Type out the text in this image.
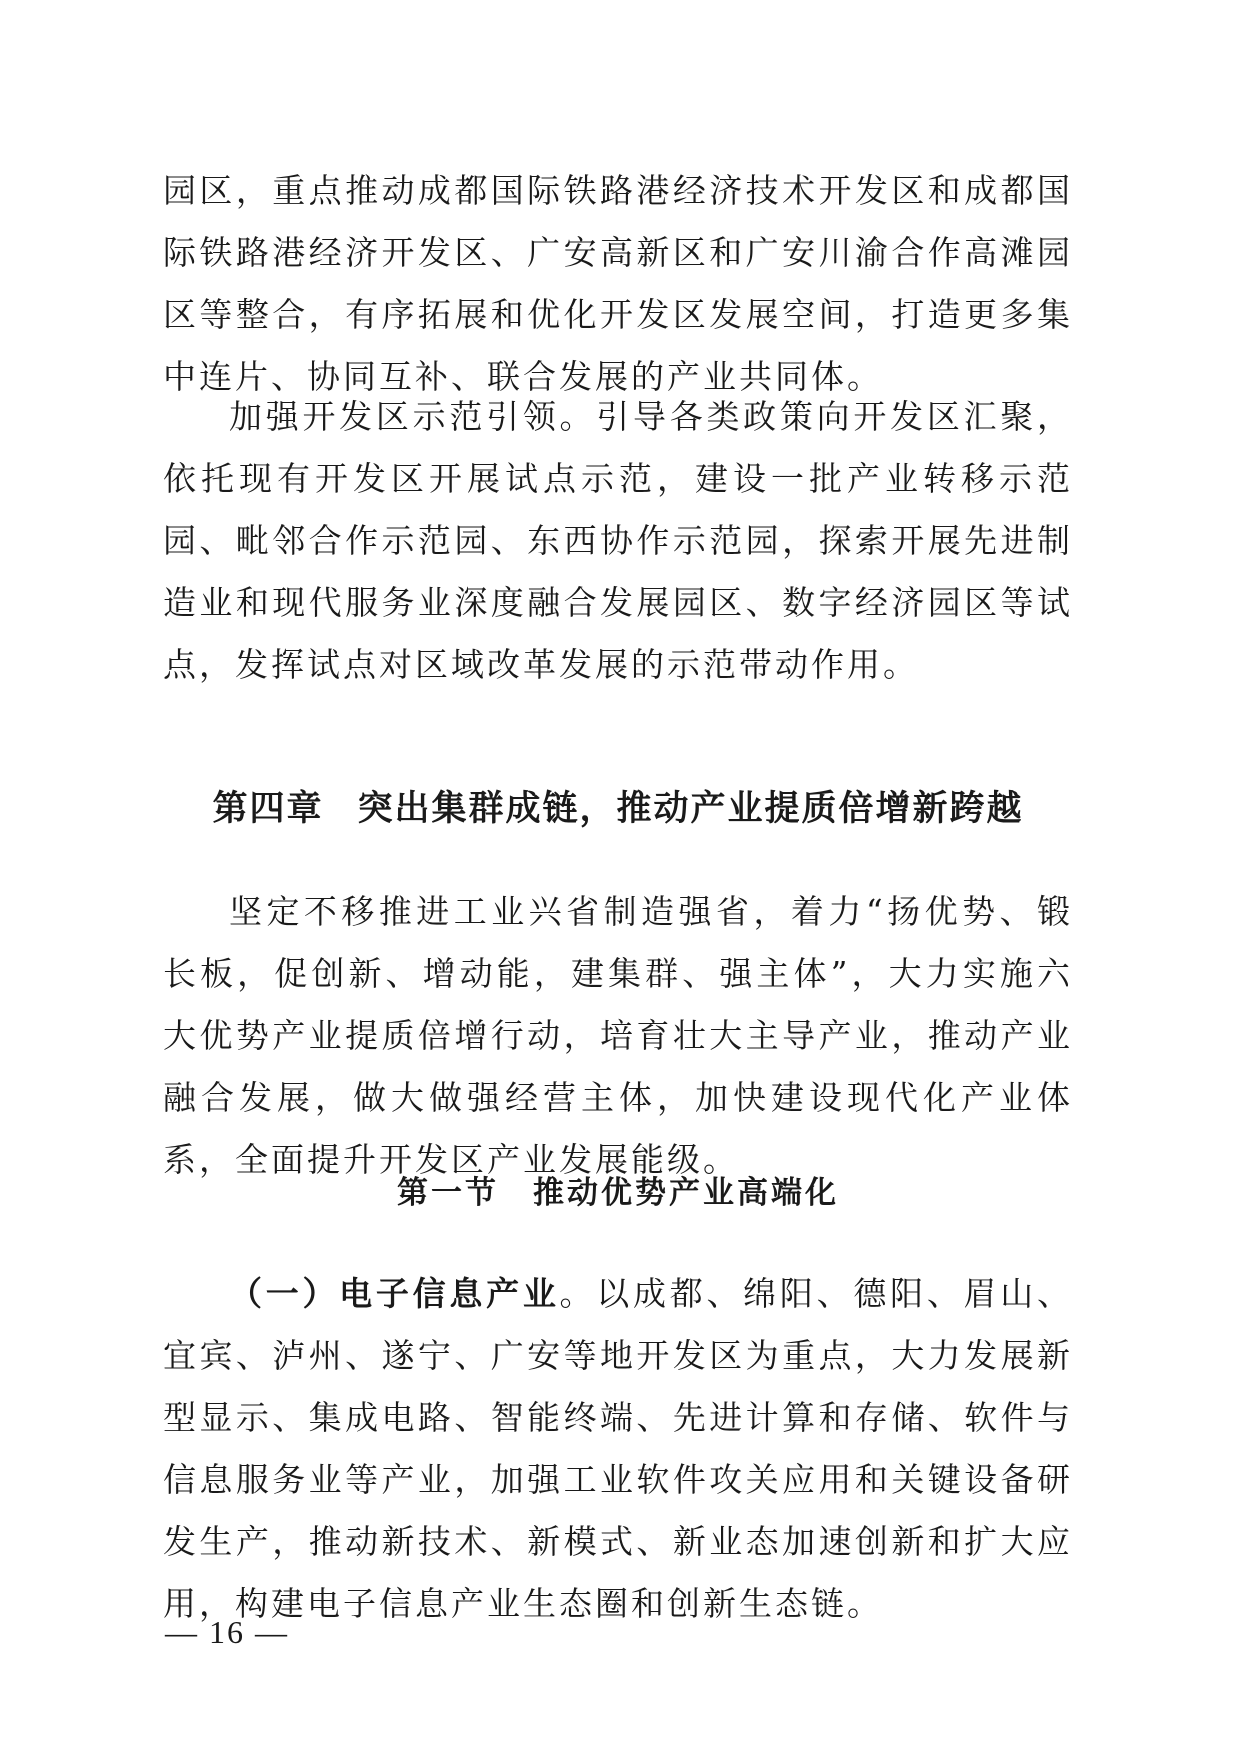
园区，重点推动成都国际铁路港经济技术开发区和成都国际铁路港经济开发区、广安高新区和广安川渝合作高滩园区等整合，有序拓展和优化开发区发展空间，打造更多集中连片、协同互补、联合发展的产业共同体。

加强开发区示范引领。引导各类政策向开发区汇聚，依托现有开发区开展试点示范，建设一批产业转移示范园、毗邻合作示范园、东西协作示范园，探索开展先进制造业和现代服务业深度融合发展园区、数字经济园区等试点，发挥试点对区域改革发展的示范带动作用。

第四章 突出集群成链，推动产业提质倍增新跨越

坚定不移推进工业兴省制造强省，着力“扬优势、锻长板，促创新、增动能，建集群、强主体”，大力实施六大优势产业提质倍增行动，培育壮大主导产业，推动产业融合发展，做大做强经营主体，加快建设现代化产业体系，全面提升开发区产业发展能级。

第一节 推动优势产业高端化

（一）电子信息产业。以成都、绵阳、德阳、眉山、宜宾、泸州、遂宁、广安等地开发区为重点，大力发展新型显示、集成电路、智能终端、先进计算和存储、软件与信息服务业等产业，加强工业软件攻关应用和关键设备研发生产，推动新技术、新模式、新业态加速创新和扩大应用，构建电子信息产业生态圈和创新生态链。

— 16 —
